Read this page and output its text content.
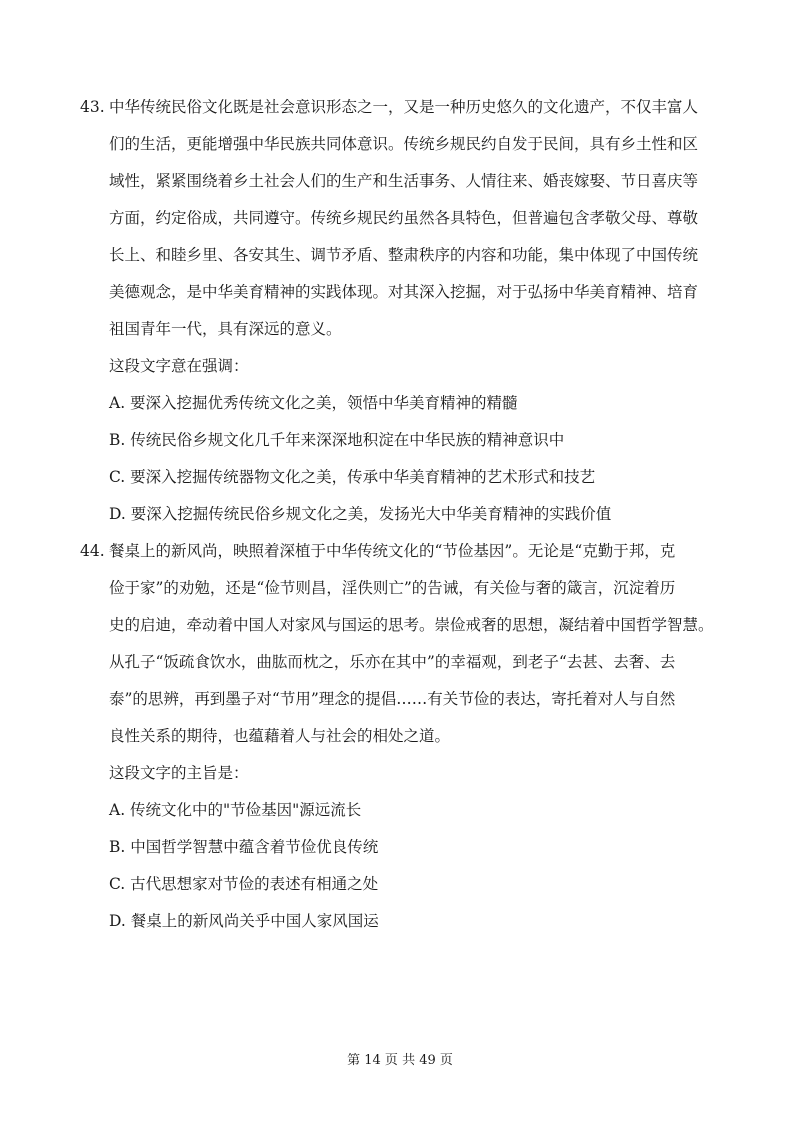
43. 中华传统民俗文化既是社会意识形态之一，又是一种历史悠久的文化遗产，不仅丰富人
们的生活，更能增强中华民族共同体意识。传统乡规民约自发于民间，具有乡土性和区
域性，紧紧围绕着乡土社会人们的生产和生活事务、人情往来、婚丧嫁娶、节日喜庆等
方面，约定俗成，共同遵守。传统乡规民约虽然各具特色，但普遍包含孝敬父母、尊敬
长上、和睦乡里、各安其生、调节矛盾、整肃秩序的内容和功能，集中体现了中国传统
美德观念，是中华美育精神的实践体现。对其深入挖掘，对于弘扬中华美育精神、培育
祖国青年一代，具有深远的意义。
这段文字意在强调：
A. 要深入挖掘优秀传统文化之美，领悟中华美育精神的精髓
B. 传统民俗乡规文化几千年来深深地积淀在中华民族的精神意识中
C. 要深入挖掘传统器物文化之美，传承中华美育精神的艺术形式和技艺
D. 要深入挖掘传统民俗乡规文化之美，发扬光大中华美育精神的实践价值
44. 餐桌上的新风尚，映照着深植于中华传统文化的“节俭基因”。无论是“克勤于邦，克
俭于家”的劝勉，还是“俭节则昌，淫佚则亡”的告诫，有关俭与奢的箴言，沉淀着历
史的启迪，牵动着中国人对家风与国运的思考。崇俭戒奢的思想，凝结着中国哲学智慧。
从孔子“饭疏食饮水，曲肱而枕之，乐亦在其中”的幸福观，到老子“去甚、去奢、去
泰”的思辨，再到墨子对“节用”理念的提倡……有关节俭的表达，寄托着对人与自然
良性关系的期待，也蕴藉着人与社会的相处之道。
这段文字的主旨是：
A. 传统文化中的"节俭基因"源远流长
B. 中国哲学智慧中蕴含着节俭优良传统
C. 古代思想家对节俭的表述有相通之处
D. 餐桌上的新风尚关乎中国人家风国运
第 14 页 共 49 页
